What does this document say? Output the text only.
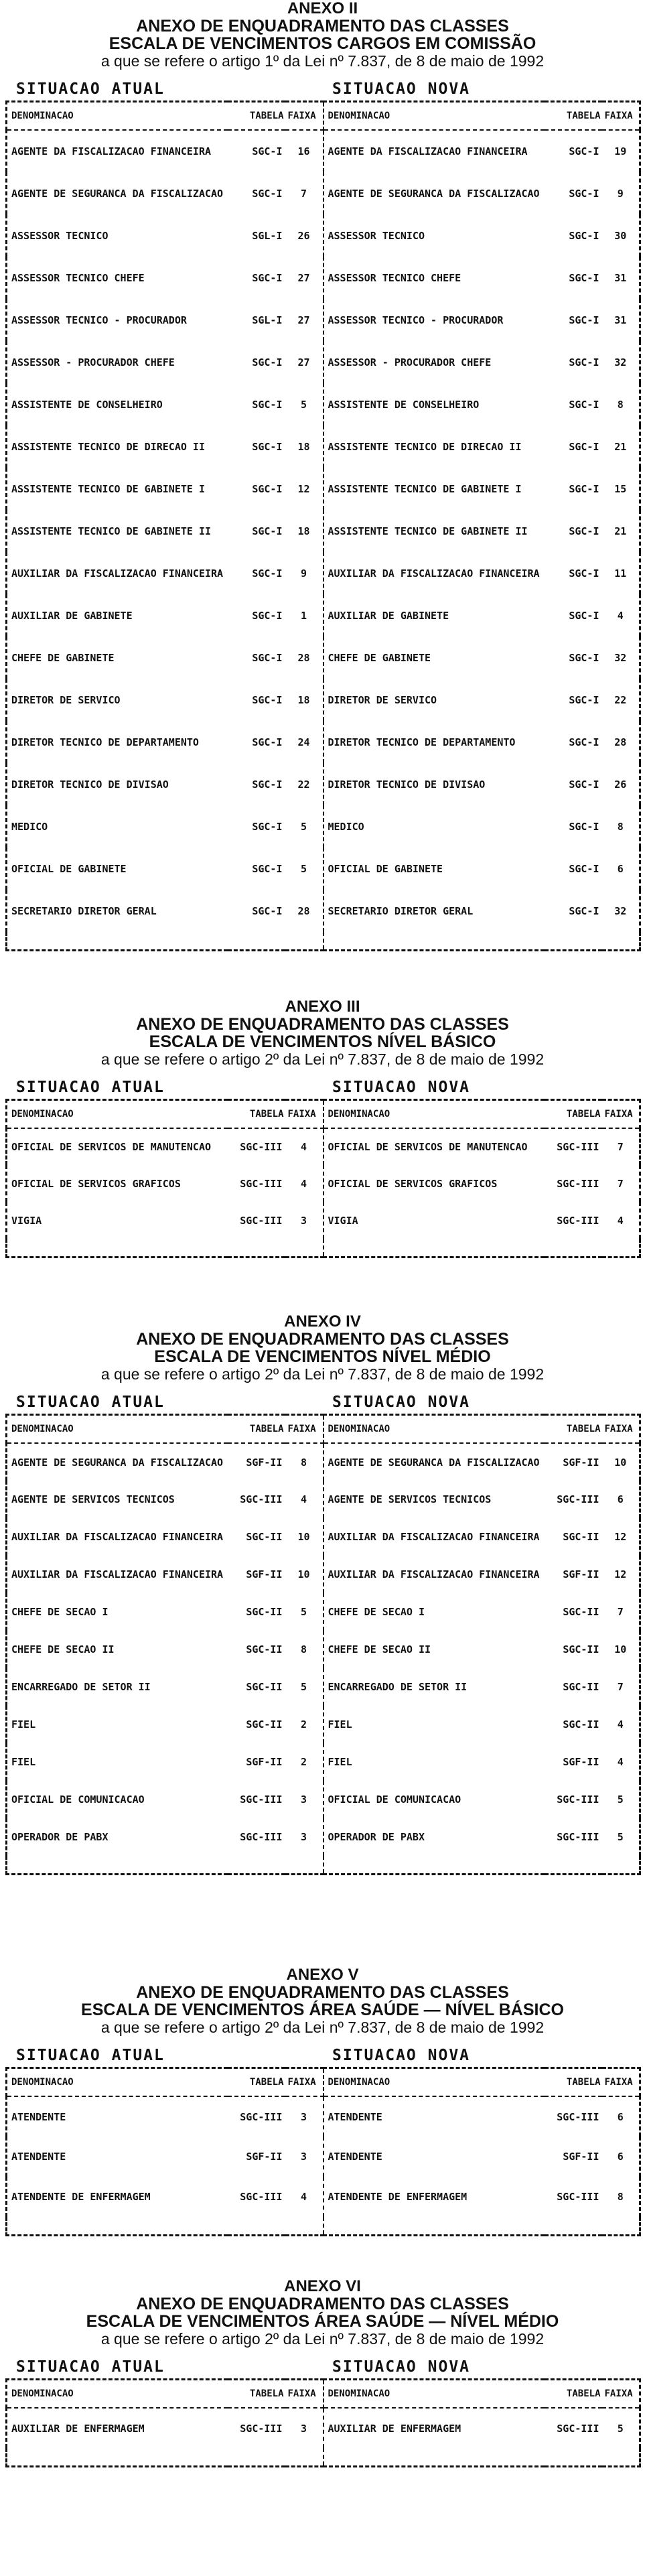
ANEXO II
ANEXO DE ENQUADRAMENTO DAS CLASSES
ESCALA DE VENCIMENTOS CARGOS EM COMISSÃO
a que se refere o artigo 1º da Lei nº 7.837, de 8 de maio de 1992
SITUACAO ATUAL	SITUACAO NOVA
DENOMINACAO	TABELA	FAIXA	DENOMINACAO	TABELA	FAIXA
AGENTE DA FISCALIZACAO FINANCEIRA	SGC-I	16	AGENTE DA FISCALIZACAO FINANCEIRA	SGC-I	19
AGENTE DE SEGURANCA DA FISCALIZACAO	SGC-I	7	AGENTE DE SEGURANCA DA FISCALIZACAO	SGC-I	9
ASSESSOR TECNICO	SGL-I	26	ASSESSOR TECNICO	SGC-I	30
ASSESSOR TECNICO CHEFE	SGC-I	27	ASSESSOR TECNICO CHEFE	SGC-I	31
ASSESSOR TECNICO - PROCURADOR	SGL-I	27	ASSESSOR TECNICO - PROCURADOR	SGC-I	31
ASSESSOR - PROCURADOR CHEFE	SGC-I	27	ASSESSOR - PROCURADOR CHEFE	SGC-I	32
ASSISTENTE DE CONSELHEIRO	SGC-I	5	ASSISTENTE DE CONSELHEIRO	SGC-I	8
ASSISTENTE TECNICO DE DIRECAO II	SGC-I	18	ASSISTENTE TECNICO DE DIRECAO II	SGC-I	21
ASSISTENTE TECNICO DE GABINETE I	SGC-I	12	ASSISTENTE TECNICO DE GABINETE I	SGC-I	15
ASSISTENTE TECNICO DE GABINETE II	SGC-I	18	ASSISTENTE TECNICO DE GABINETE II	SGC-I	21
AUXILIAR DA FISCALIZACAO FINANCEIRA	SGC-I	9	AUXILIAR DA FISCALIZACAO FINANCEIRA	SGC-I	11
AUXILIAR DE GABINETE	SGC-I	1	AUXILIAR DE GABINETE	SGC-I	4
CHEFE DE GABINETE	SGC-I	28	CHEFE DE GABINETE	SGC-I	32
DIRETOR DE SERVICO	SGC-I	18	DIRETOR DE SERVICO	SGC-I	22
DIRETOR TECNICO DE DEPARTAMENTO	SGC-I	24	DIRETOR TECNICO DE DEPARTAMENTO	SGC-I	28
DIRETOR TECNICO DE DIVISAO	SGC-I	22	DIRETOR TECNICO DE DIVISAO	SGC-I	26
MEDICO	SGC-I	5	MEDICO	SGC-I	8
OFICIAL DE GABINETE	SGC-I	5	OFICIAL DE GABINETE	SGC-I	6
SECRETARIO DIRETOR GERAL	SGC-I	28	SECRETARIO DIRETOR GERAL	SGC-I	32

ANEXO III
ANEXO DE ENQUADRAMENTO DAS CLASSES
ESCALA DE VENCIMENTOS NÍVEL BÁSICO
a que se refere o artigo 2º da Lei nº 7.837, de 8 de maio de 1992
SITUACAO ATUAL	SITUACAO NOVA
DENOMINACAO	TABELA	FAIXA	DENOMINACAO	TABELA	FAIXA
OFICIAL DE SERVICOS DE MANUTENCAO	SGC-III	4	OFICIAL DE SERVICOS DE MANUTENCAO	SGC-III	7
OFICIAL DE SERVICOS GRAFICOS	SGC-III	4	OFICIAL DE SERVICOS GRAFICOS	SGC-III	7
VIGIA	SGC-III	3	VIGIA	SGC-III	4

ANEXO IV
ANEXO DE ENQUADRAMENTO DAS CLASSES
ESCALA DE VENCIMENTOS NÍVEL MÉDIO
a que se refere o artigo 2º da Lei nº 7.837, de 8 de maio de 1992
SITUACAO ATUAL	SITUACAO NOVA
DENOMINACAO	TABELA	FAIXA	DENOMINACAO	TABELA	FAIXA
AGENTE DE SEGURANCA DA FISCALIZACAO	SGF-II	8	AGENTE DE SEGURANCA DA FISCALIZACAO	SGF-II	10
AGENTE DE SERVICOS TECNICOS	SGC-III	4	AGENTE DE SERVICOS TECNICOS	SGC-III	6
AUXILIAR DA FISCALIZACAO FINANCEIRA	SGC-II	10	AUXILIAR DA FISCALIZACAO FINANCEIRA	SGC-II	12
AUXILIAR DA FISCALIZACAO FINANCEIRA	SGF-II	10	AUXILIAR DA FISCALIZACAO FINANCEIRA	SGF-II	12
CHEFE DE SECAO I	SGC-II	5	CHEFE DE SECAO I	SGC-II	7
CHEFE DE SECAO II	SGC-II	8	CHEFE DE SECAO II	SGC-II	10
ENCARREGADO DE SETOR II	SGC-II	5	ENCARREGADO DE SETOR II	SGC-II	7
FIEL	SGC-II	2	FIEL	SGC-II	4
FIEL	SGF-II	2	FIEL	SGF-II	4
OFICIAL DE COMUNICACAO	SGC-III	3	OFICIAL DE COMUNICACAO	SGC-III	5
OPERADOR DE PABX	SGC-III	3	OPERADOR DE PABX	SGC-III	5

ANEXO V
ANEXO DE ENQUADRAMENTO DAS CLASSES
ESCALA DE VENCIMENTOS ÁREA SAÚDE — NÍVEL BÁSICO
a que se refere o artigo 2º da Lei nº 7.837, de 8 de maio de 1992
SITUACAO ATUAL	SITUACAO NOVA
DENOMINACAO	TABELA	FAIXA	DENOMINACAO	TABELA	FAIXA
ATENDENTE	SGC-III	3	ATENDENTE	SGC-III	6
ATENDENTE	SGF-II	3	ATENDENTE	SGF-II	6
ATENDENTE DE ENFERMAGEM	SGC-III	4	ATENDENTE DE ENFERMAGEM	SGC-III	8

ANEXO VI
ANEXO DE ENQUADRAMENTO DAS CLASSES
ESCALA DE VENCIMENTOS ÁREA SAÚDE — NÍVEL MÉDIO
a que se refere o artigo 2º da Lei nº 7.837, de 8 de maio de 1992
SITUACAO ATUAL	SITUACAO NOVA
DENOMINACAO	TABELA	FAIXA	DENOMINACAO	TABELA	FAIXA
AUXILIAR DE ENFERMAGEM	SGC-III	3	AUXILIAR DE ENFERMAGEM	SGC-III	5
